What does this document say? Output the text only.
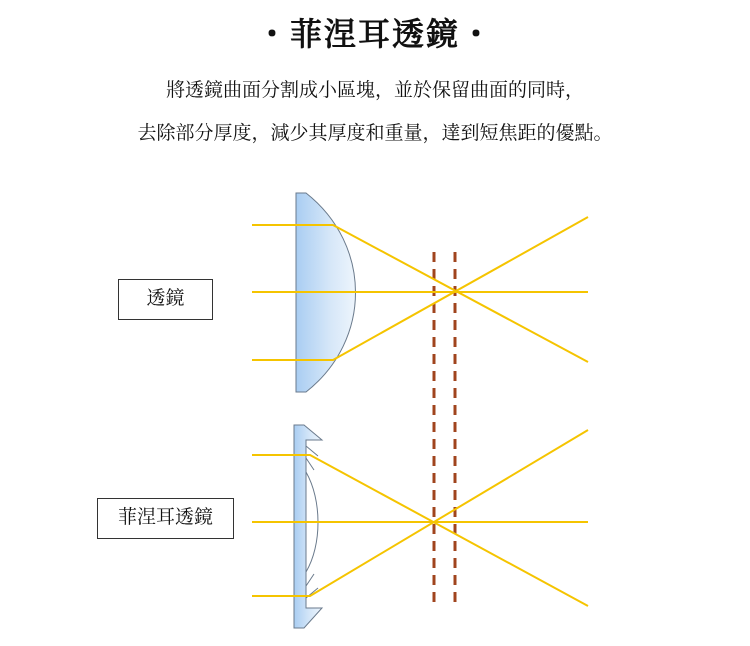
・菲涅耳透鏡・
將透鏡曲面分割成小區塊，並於保留曲面的同時，
去除部分厚度，減少其厚度和重量，達到短焦距的優點。
透鏡
菲涅耳透鏡
